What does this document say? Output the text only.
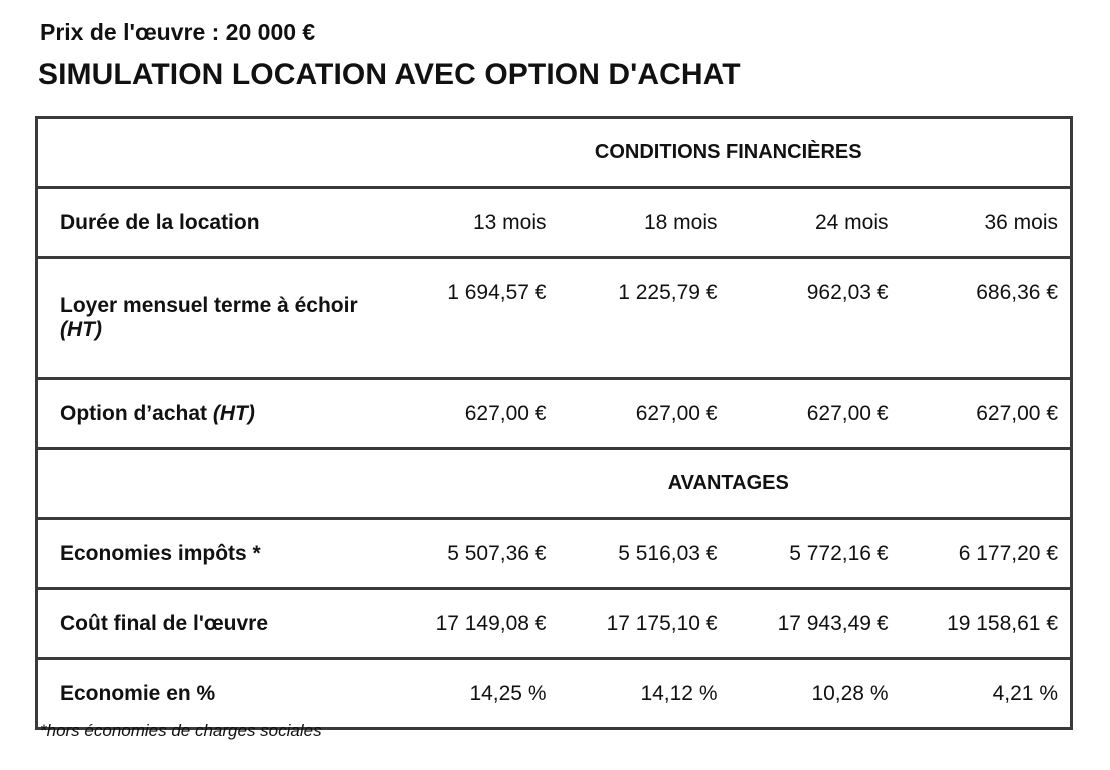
Prix de l'œuvre : 20 000 €
SIMULATION LOCATION AVEC OPTION D'ACHAT
	CONDITIONS FINANCIÈRES			
Durée de la location	13 mois	18 mois	24 mois	36 mois
Loyer mensuel terme à échoir (HT)	1 694,57 €	1 225,79 €	962,03 €	686,36 €
Option d’achat (HT)	627,00 €	627,00 €	627,00 €	627,00 €
	AVANTAGES			
Economies impôts *	5 507,36 €	5 516,03 €	5 772,16 €	6 177,20 €
Coût final de l'œuvre	17 149,08 €	17 175,10 €	17 943,49 €	19 158,61 €
Economie en %	14,25 %	14,12 %	10,28 %	4,21 %
*hors économies de charges sociales
